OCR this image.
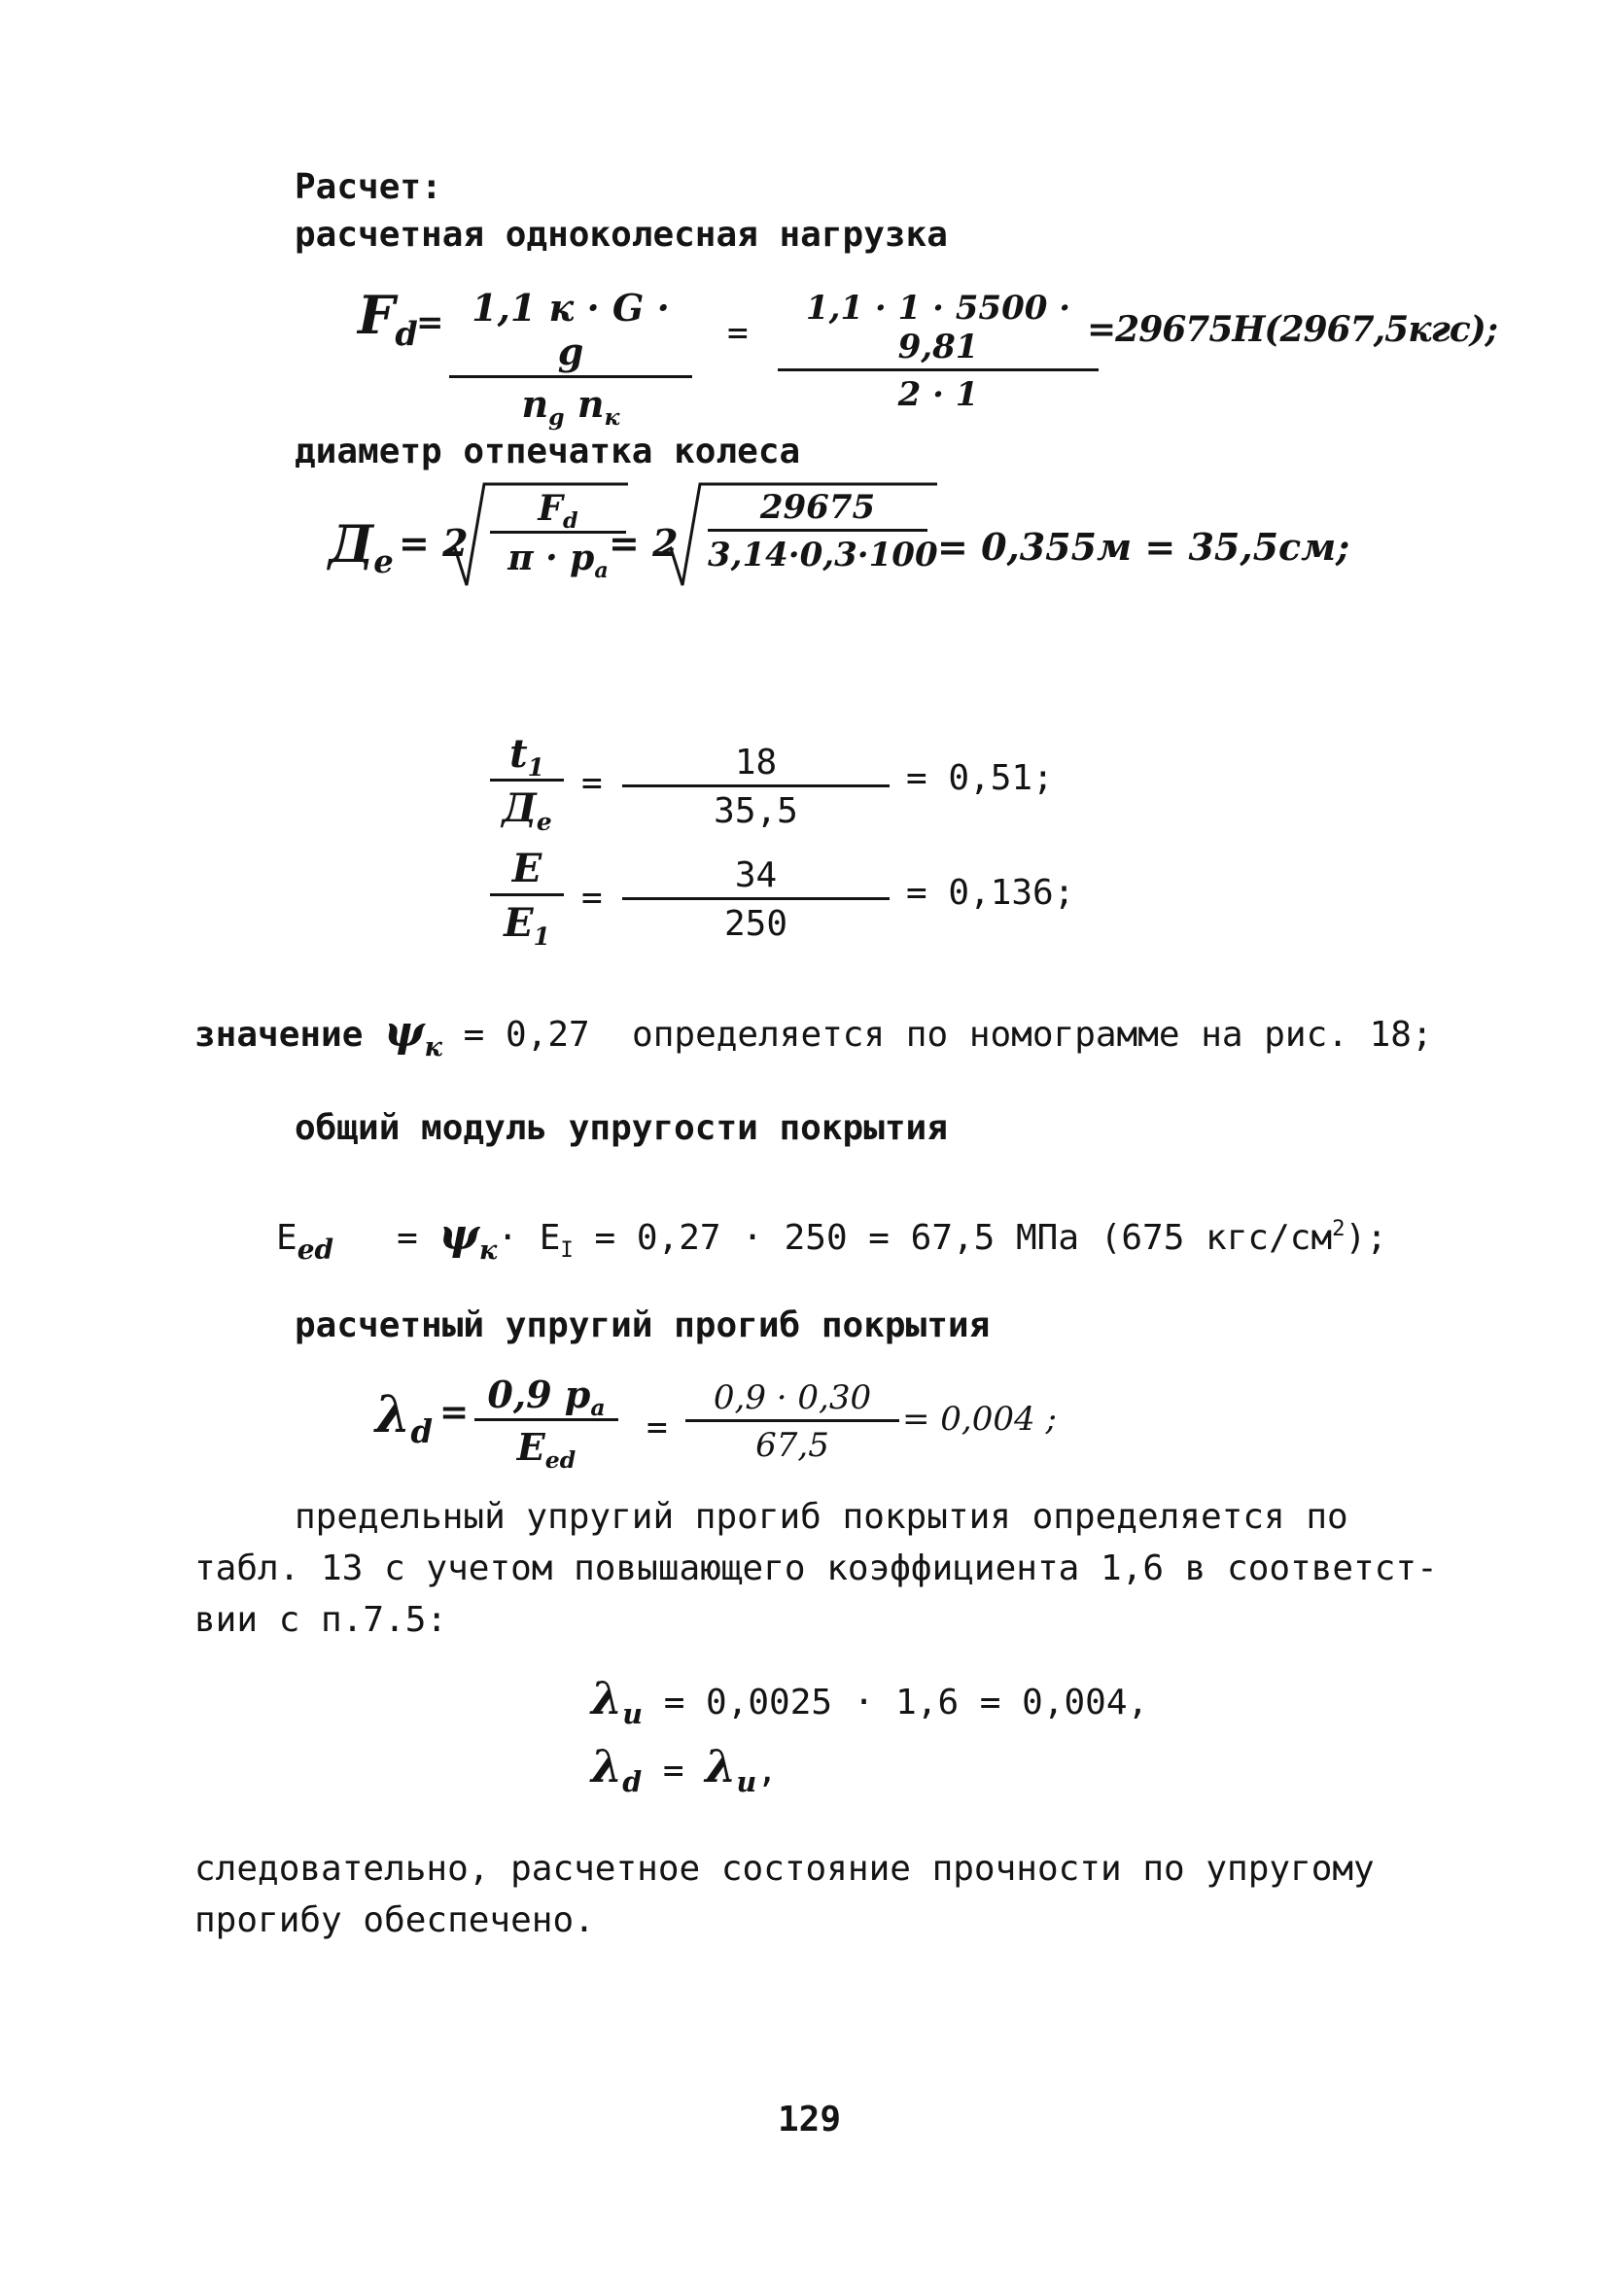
Расчет:
расчетная одноколесная нагрузка
$F_d$
= 1,1 к · G · g
$n_g$ $n_к$
= $\frac{1,1 \cdot 1 \cdot 5500 \cdot 9,81}{2 \cdot 1}$
=29675Н(2967,5кгс);
диаметр отпечатка колеса
$Д_е = 2 \frac{F_d}{\pi \cdot p_a}$
= $2 \frac{29675}{3,14\cdot 0,3\cdot 100} = 0,355м = 35,5см$;
$t_1$
$Д_е$
= $\frac{18}{35,5} = 0,51$;
$\frac{E}{E_1} = \frac{34}{250} = 0,136$;
значение $\psi_к = 0,27$ определяется по номограмме на рис. 18;
общий модуль упругости покрытия
$E_{ed} = \psi_к\cdot E_I = 0,27 \cdot 250 = 67,5$ МПа (675 кгс/$см^2$);
расчетный упругий прогиб покрытия
$\lambda_d = 0,9$ $p_a$
$E_{ed}$
= $\frac{0,9 \cdot 0,30}{67,5} = 0,004$ ;
предельный упругий прогиб покрытия определяется по
табл. 13 с учетом повышающего коэффициента 1,6 в соответст-
вии с п.7.5:
$\lambda_u = 0,0025 \cdot 1,6 = 0,004$,
$\lambda_d = \lambda_u$,
следовательно, расчетное состояние прочности по упругому
прогибу обеспечено.
129
